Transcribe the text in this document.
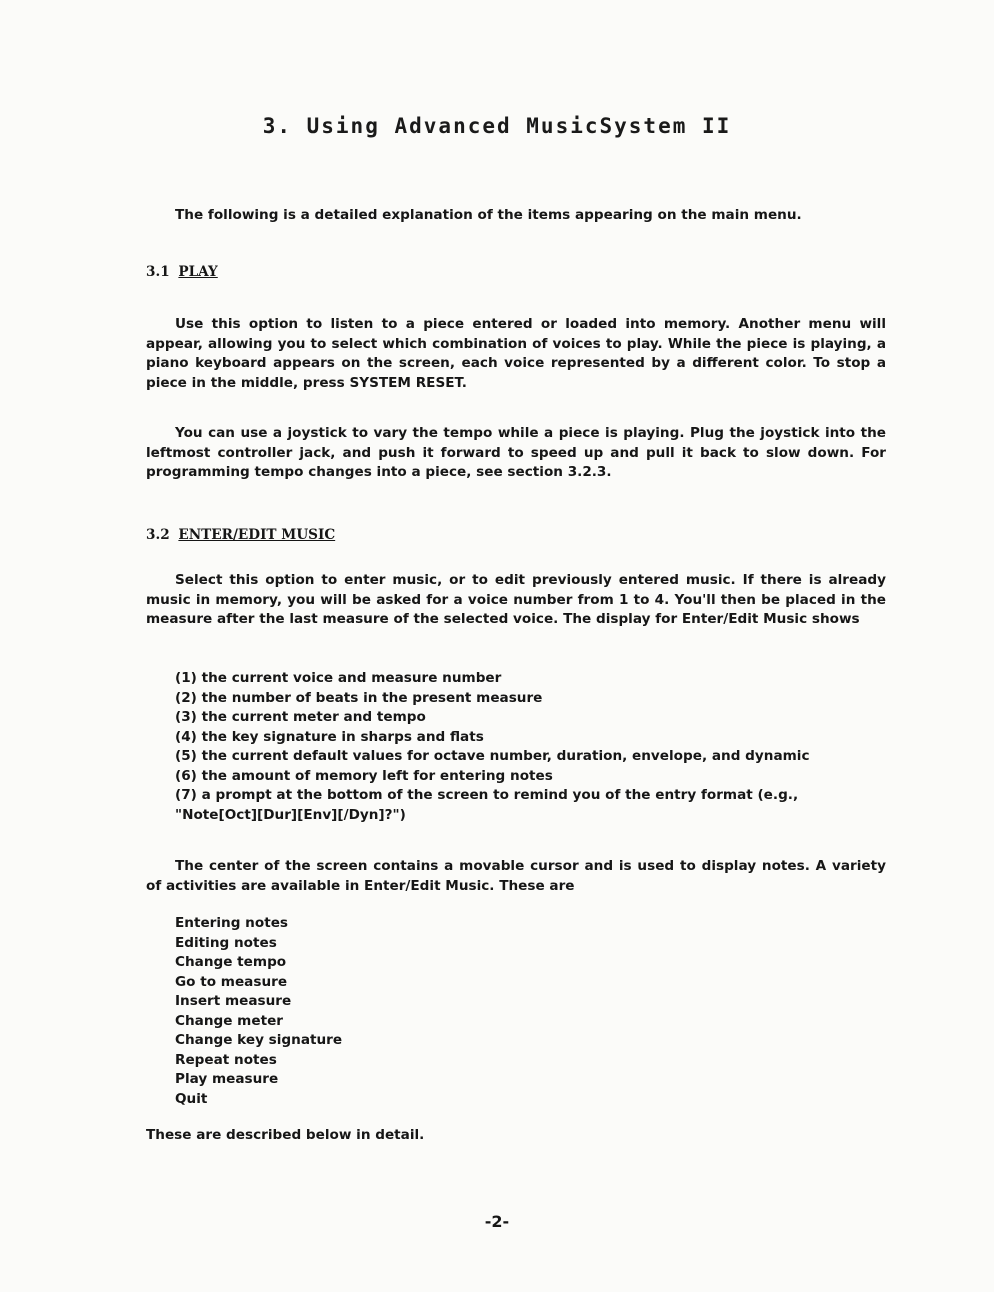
3. Using Advanced MusicSystem II

The following is a detailed explanation of the items appearing on the main menu.

3.1 PLAY

Use this option to listen to a piece entered or loaded into memory. Another menu will appear, allowing you to select which combination of voices to play. While the piece is playing, a piano keyboard appears on the screen, each voice represented by a different color. To stop a piece in the middle, press SYSTEM RESET.

You can use a joystick to vary the tempo while a piece is playing. Plug the joystick into the leftmost controller jack, and push it forward to speed up and pull it back to slow down. For programming tempo changes into a piece, see section 3.2.3.

3.2 ENTER/EDIT MUSIC

Select this option to enter music, or to edit previously entered music. If there is already music in memory, you will be asked for a voice number from 1 to 4. You'll then be placed in the measure after the last measure of the selected voice. The display for Enter/Edit Music shows

(1) the current voice and measure number
(2) the number of beats in the present measure
(3) the current meter and tempo
(4) the key signature in sharps and flats
(5) the current default values for octave number, duration, envelope, and dynamic
(6) the amount of memory left for entering notes
(7) a prompt at the bottom of the screen to remind you of the entry format (e.g.,
"Note[Oct][Dur][Env][/Dyn]?")

The center of the screen contains a movable cursor and is used to display notes. A variety of activities are available in Enter/Edit Music. These are

Entering notes
Editing notes
Change tempo
Go to measure
Insert measure
Change meter
Change key signature
Repeat notes
Play measure
Quit
These are described below in detail.
-2-
